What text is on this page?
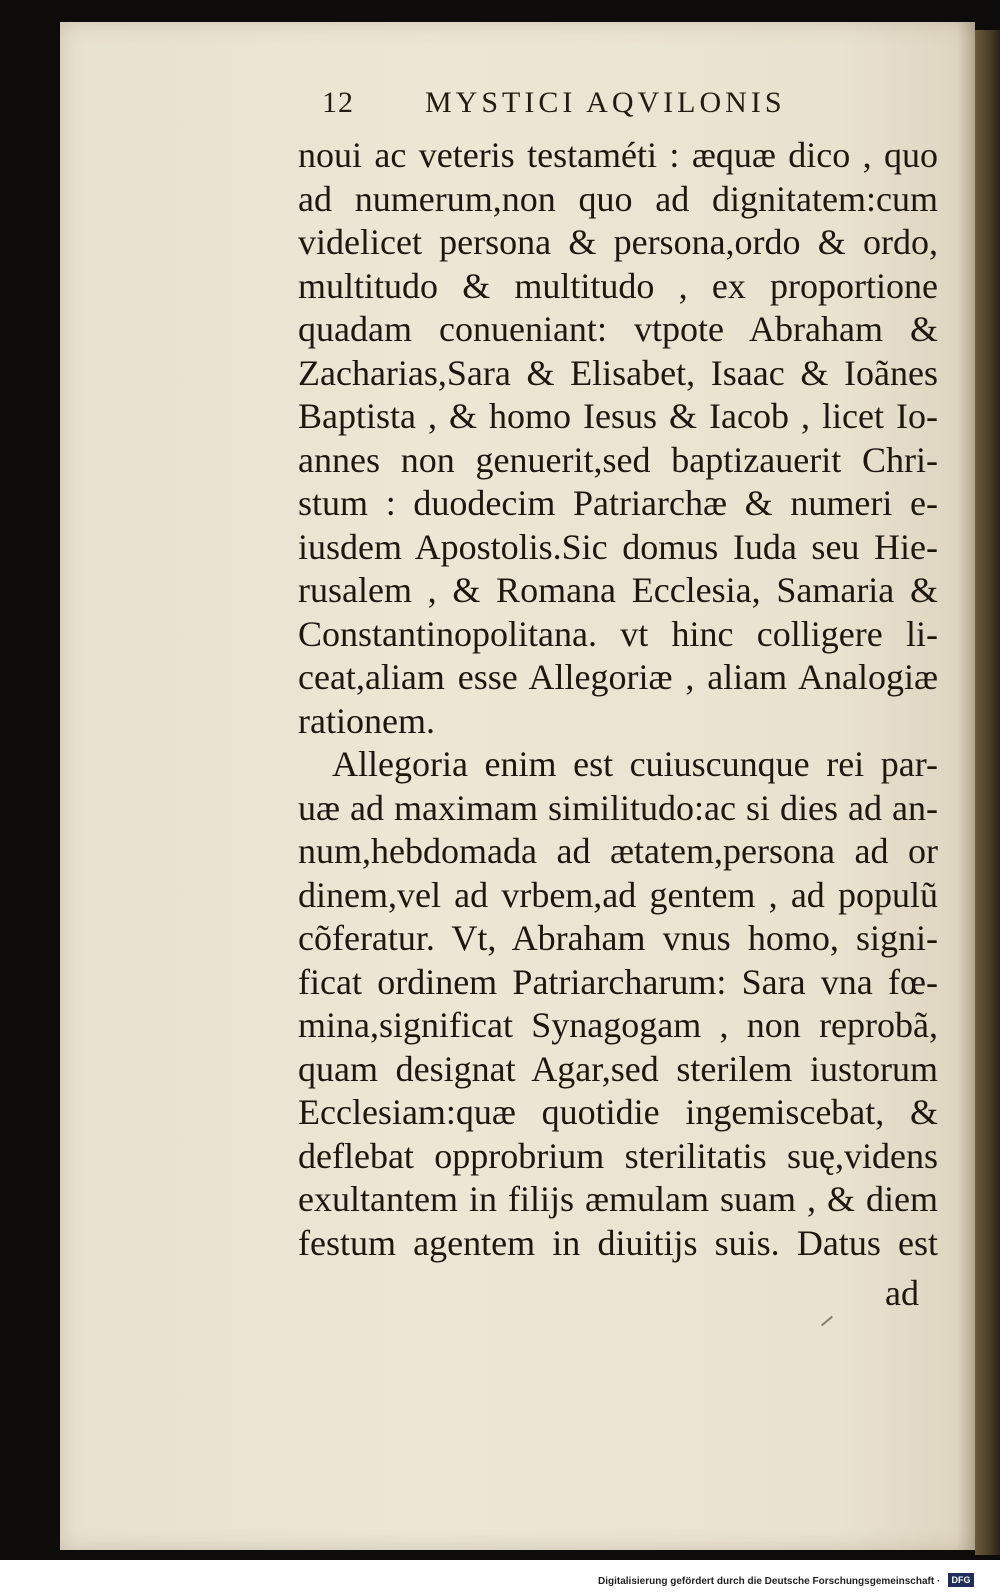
12 MYSTICI AQVILONIS
noui ac veteris testaméti : æquæ dico , quo
ad numerum,non quo ad dignitatem:cum
videlicet persona & persona,ordo & ordo,
multitudo & multitudo , ex proportione
quadam conueniant: vtpote Abraham &
Zacharias,Sara & Elisabet, Isaac & Ioãnes
Baptista , & homo Iesus & Iacob , licet Io-
annes non genuerit,sed baptizauerit Chri-
stum : duodecim Patriarchæ & numeri e-
iusdem Apostolis.Sic domus Iuda seu Hie-
rusalem , & Romana Ecclesia, Samaria &
Constantinopolitana. vt hinc colligere li-
ceat,aliam esse Allegoriæ , aliam Analogiæ
rationem.
Allegoria enim est cuiuscunque rei par-
uæ ad maximam similitudo:ac si dies ad an-
num,hebdomada ad ætatem,persona ad or
dinem,vel ad vrbem,ad gentem , ad populũ
cõferatur. Vt, Abraham vnus homo, signi-
ficat ordinem Patriarcharum: Sara vna fœ-
mina,significat Synagogam , non reprobã,
quam designat Agar,sed sterilem iustorum
Ecclesiam:quæ quotidie ingemiscebat, &
deflebat opprobrium sterilitatis suę,videns
exultantem in filijs æmulam suam , & diem
festum agentem in diuitijs suis. Datus est
ad
Digitalisierung gefördert durch die Deutsche Forschungsgemeinschaft ·	DFG
